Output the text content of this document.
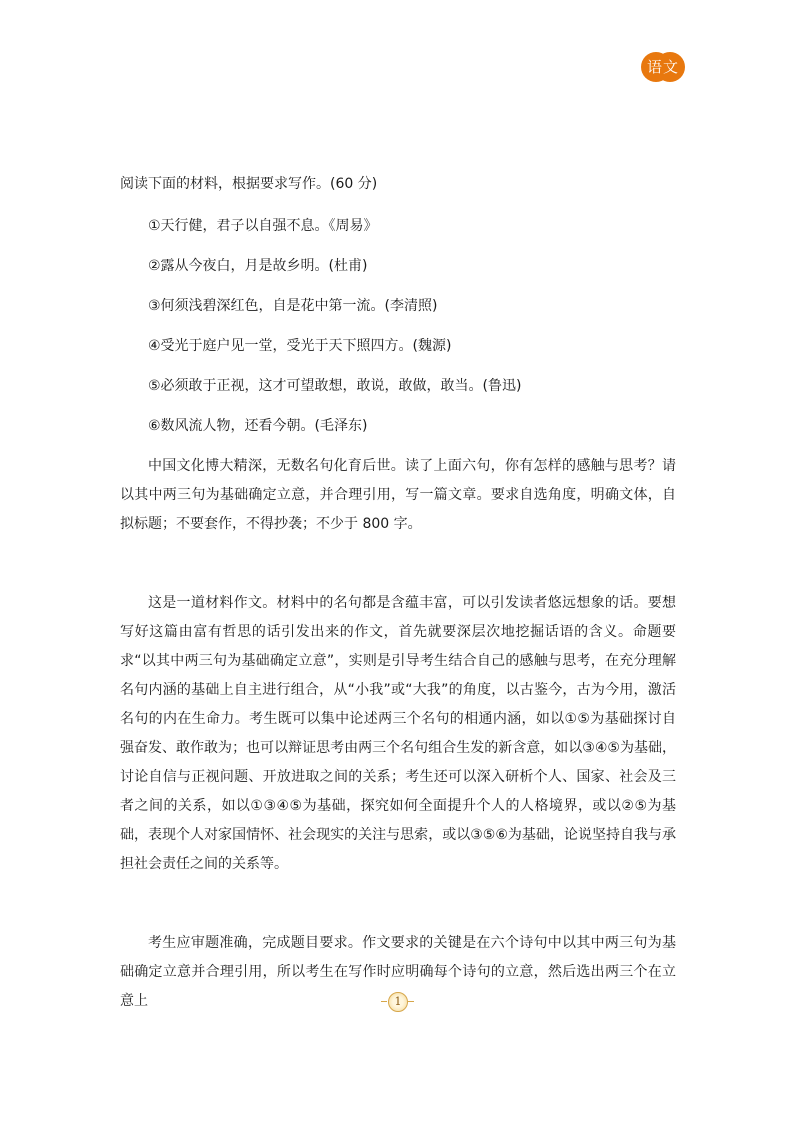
语文

阅读下面的材料，根据要求写作。(60 分)

①天行健，君子以自强不息。《周易》

②露从今夜白，月是故乡明。(杜甫)

③何须浅碧深红色，自是花中第一流。(李清照)

④受光于庭户见一堂，受光于天下照四方。(魏源)

⑤必须敢于正视，这才可望敢想，敢说，敢做，敢当。(鲁迅)

⑥数风流人物，还看今朝。(毛泽东)

中国文化博大精深，无数名句化育后世。读了上面六句，你有怎样的感触与思考？请以其中两三句为基础确定立意，并合理引用，写一篇文章。要求自选角度，明确文体，自拟标题；不要套作，不得抄袭；不少于 800 字。

这是一道材料作文。材料中的名句都是含蕴丰富，可以引发读者悠远想象的话。要想写好这篇由富有哲思的话引发出来的作文，首先就要深层次地挖掘话语的含义。命题要求“以其中两三句为基础确定立意”，实则是引导考生结合自己的感触与思考，在充分理解名句内涵的基础上自主进行组合，从“小我”或“大我”的角度，以古鉴今，古为今用，激活名句的内在生命力。考生既可以集中论述两三个名句的相通内涵，如以①⑤为基础探讨自强奋发、敢作敢为；也可以辩证思考由两三个名句组合生发的新含意，如以③④⑤为基础，讨论自信与正视问题、开放进取之间的关系；考生还可以深入研析个人、国家、社会及三者之间的关系，如以①③④⑤为基础，探究如何全面提升个人的人格境界，或以②⑤为基础，表现个人对家国情怀、社会现实的关注与思索，或以③⑤⑥为基础，论说坚持自我与承担社会责任之间的关系等。

考生应审题准确，完成题目要求。作文要求的关键是在六个诗句中以其中两三句为基础确定立意并合理引用，所以考生在写作时应明确每个诗句的立意，然后选出两三个在立意上	1
